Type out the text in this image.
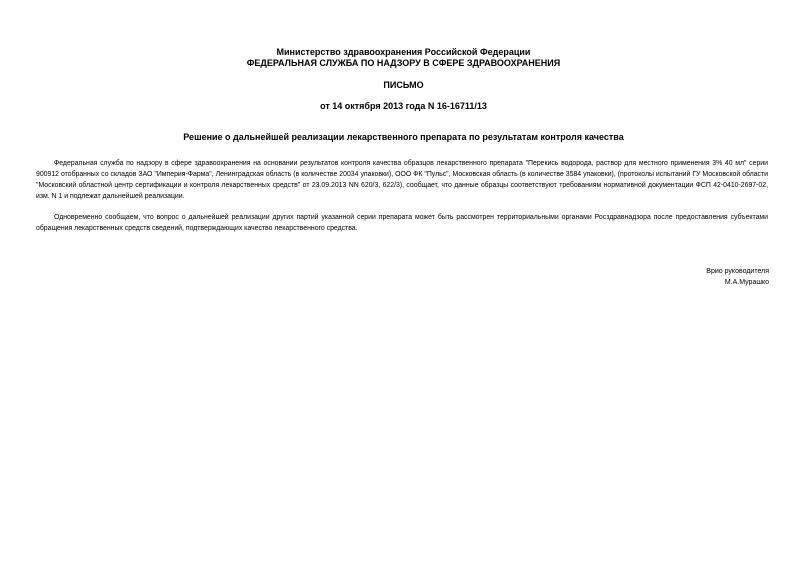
Министерство здравоохранения Российской Федерации
ФЕДЕРАЛЬНАЯ СЛУЖБА ПО НАДЗОРУ В СФЕРЕ ЗДРАВООХРАНЕНИЯ
ПИСЬМО
от 14 октября 2013 года N 16-16711/13
Решение о дальнейшей реализации лекарственного препарата по результатам контроля качества
Федеральная служба по надзору в сфере здравоохранения на основании результатов контроля качества образцов лекарственного препарата "Перекись водорода, раствор для местного применения 3% 40 мл" серии 900912 отобранных со складов ЗАО "Империя-Фарма", Ленинградская область (в количестве 20034 упаковки), ООО ФК "Пульс", Московская область (в количестве 3584 упаковки), (протоколы испытаний ГУ Московской области "Московский областной центр сертификации и контроля лекарственных средств" от 23.09.2013 NN 620/3, 622/3), сообщает, что данные образцы соответствуют требованиям нормативной документации ФСП 42-0410-2697-02, изм. N 1 и подлежат дальнейшей реализации.
Одновременно сообщаем, что вопрос о дальнейшей реализации других партий указанной серии препарата может быть рассмотрен территориальными органами Росздравнадзора после предоставления субъектами обращения лекарственных средств сведений, подтверждающих качество лекарственного средства.
Врио руководителя
М.А.Мурашко
